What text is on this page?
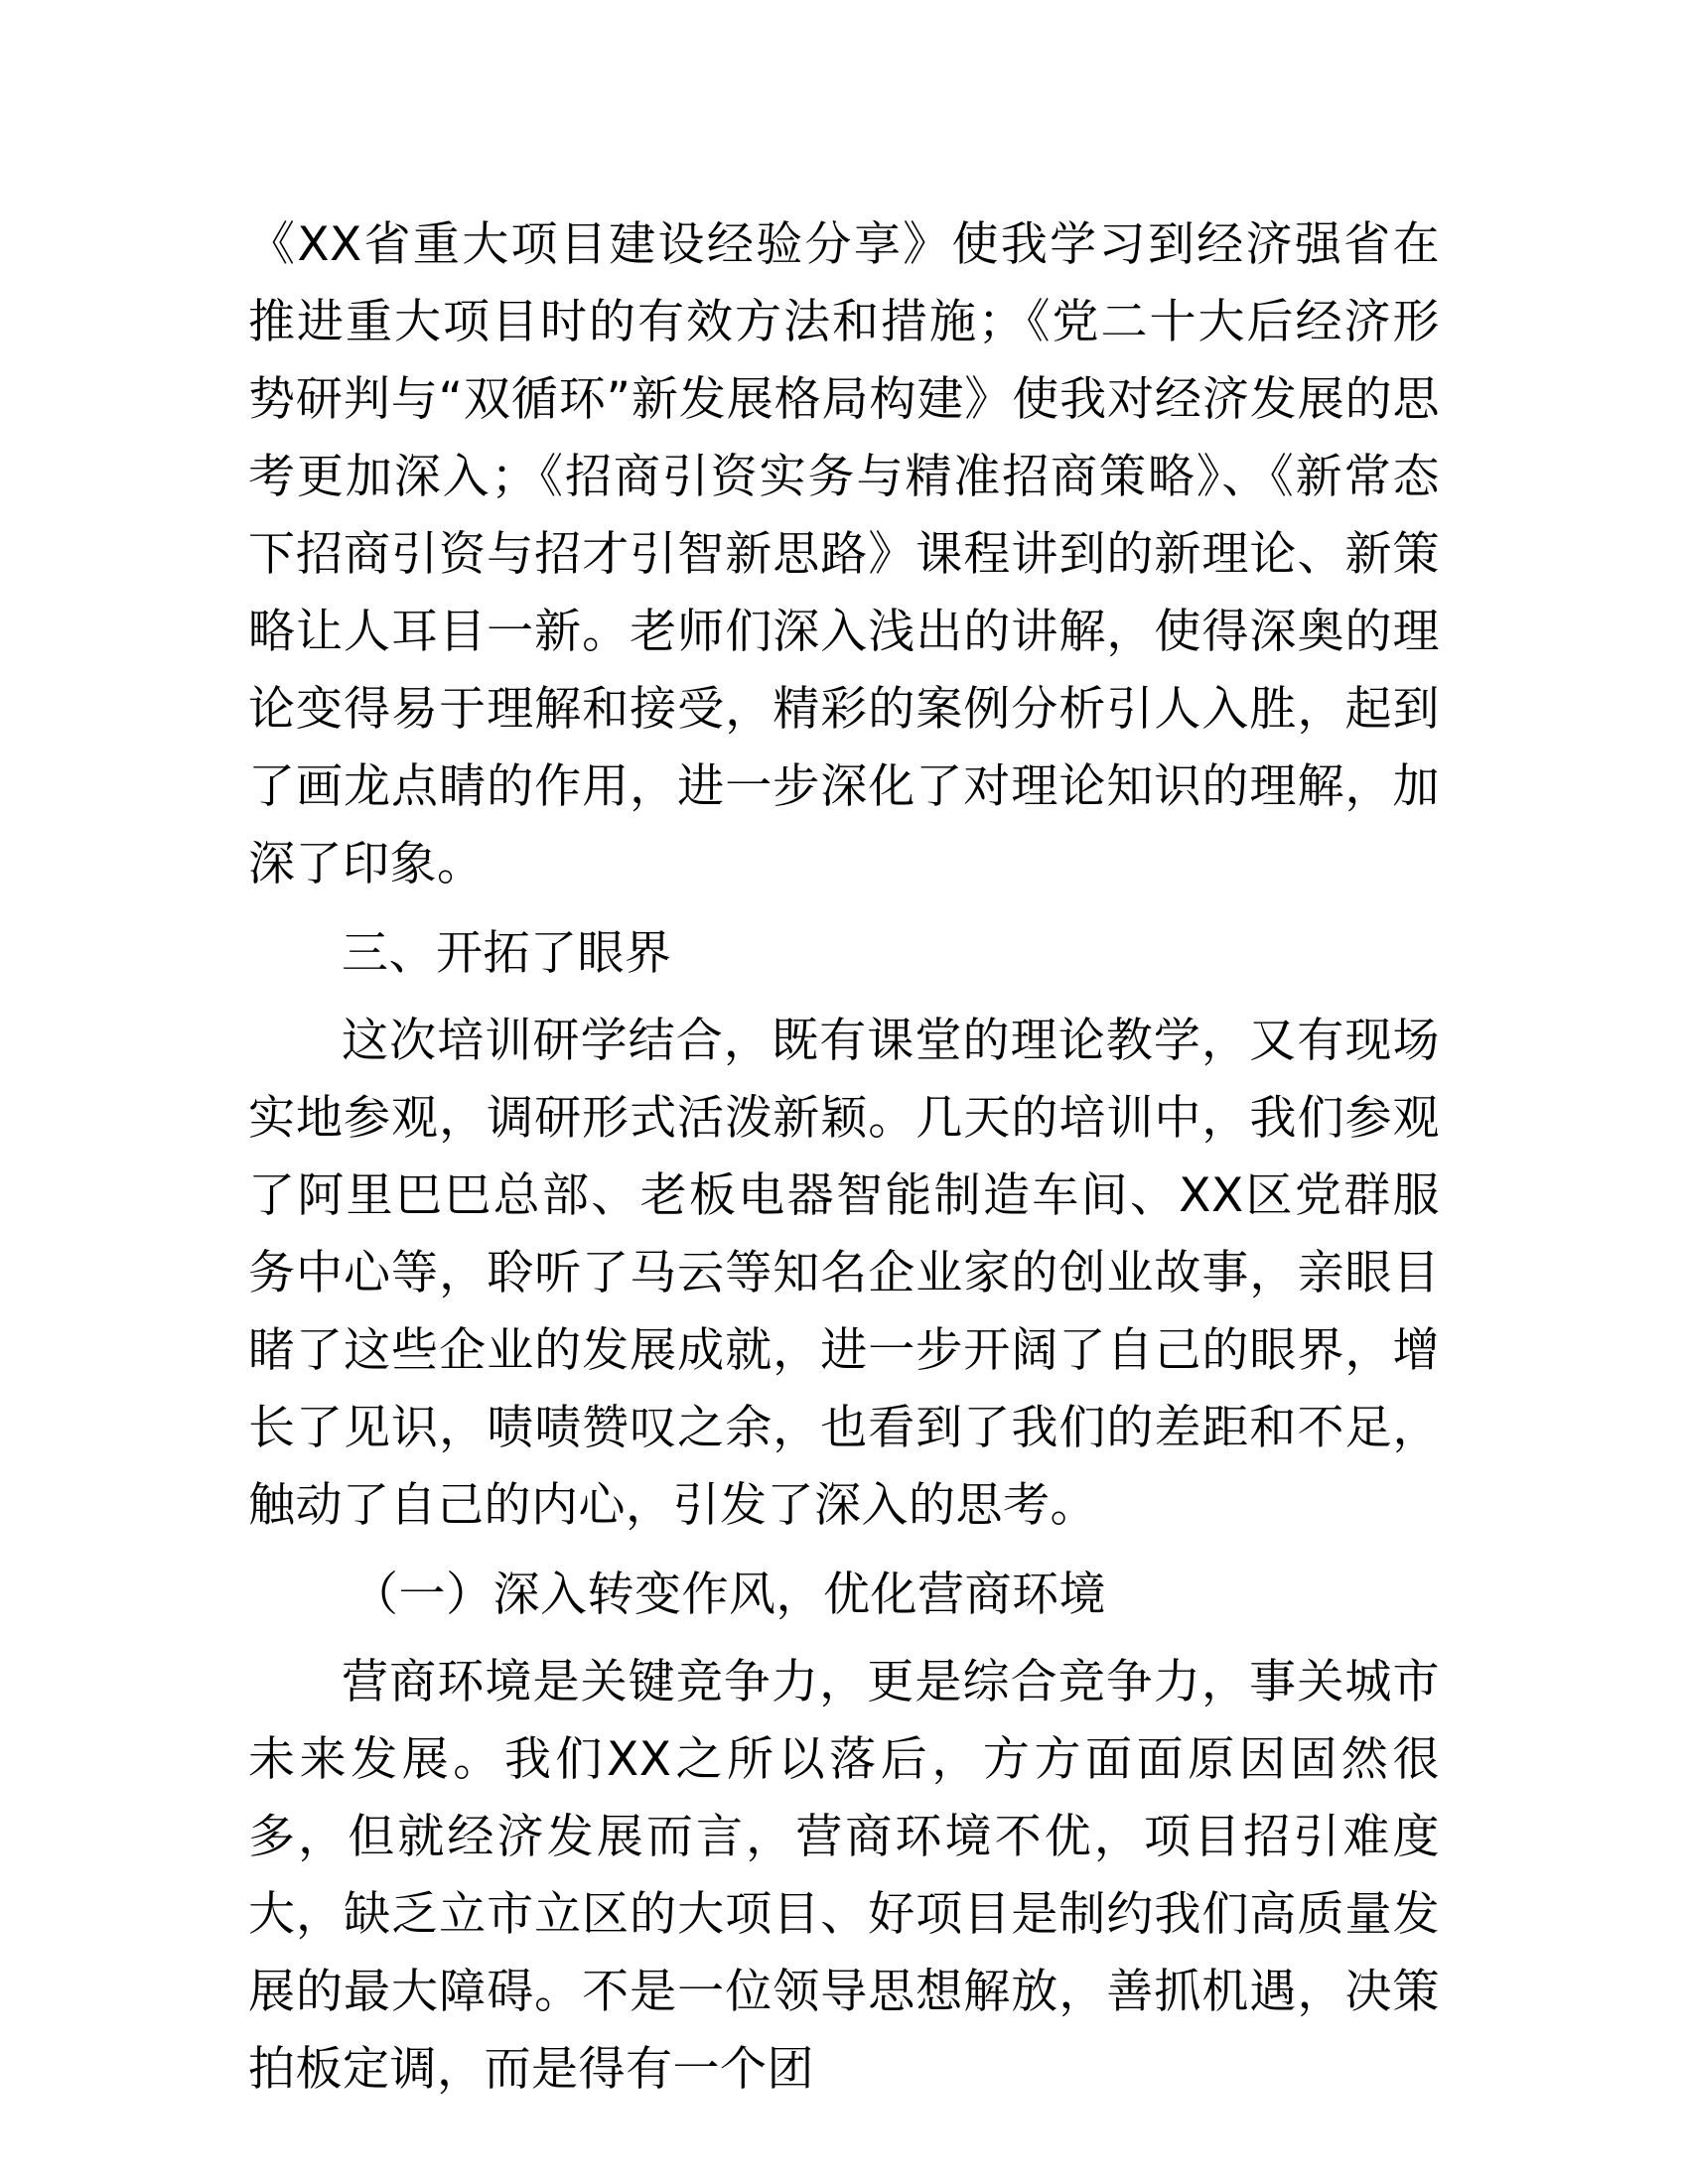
《XX省重大项目建设经验分享》使我学习到经济强省在推进重大项目时的有效方法和措施；《党二十大后经济形势研判与“双循环”新发展格局构建》使我对经济发展的思考更加深入；《招商引资实务与精准招商策略》、《新常态下招商引资与招才引智新思路》课程讲到的新理论、新策略让人耳目一新。老师们深入浅出的讲解，使得深奥的理论变得易于理解和接受，精彩的案例分析引人入胜，起到了画龙点睛的作用，进一步深化了对理论知识的理解，加深了印象。

三、开拓了眼界

这次培训研学结合，既有课堂的理论教学，又有现场实地参观，调研形式活泼新颖。几天的培训中，我们参观了阿里巴巴总部、老板电器智能制造车间、XX区党群服务中心等，聆听了马云等知名企业家的创业故事，亲眼目睹了这些企业的发展成就，进一步开阔了自己的眼界，增长了见识，啧啧赞叹之余，也看到了我们的差距和不足，触动了自己的内心，引发了深入的思考。

（一）深入转变作风，优化营商环境

营商环境是关键竞争力，更是综合竞争力，事关城市未来发展。我们XX之所以落后，方方面面原因固然很多，但就经济发展而言，营商环境不优，项目招引难度大，缺乏立市立区的大项目、好项目是制约我们高质量发展的最大障碍。不是一位领导思想解放，善抓机遇，决策拍板定调，而是得有一个团
